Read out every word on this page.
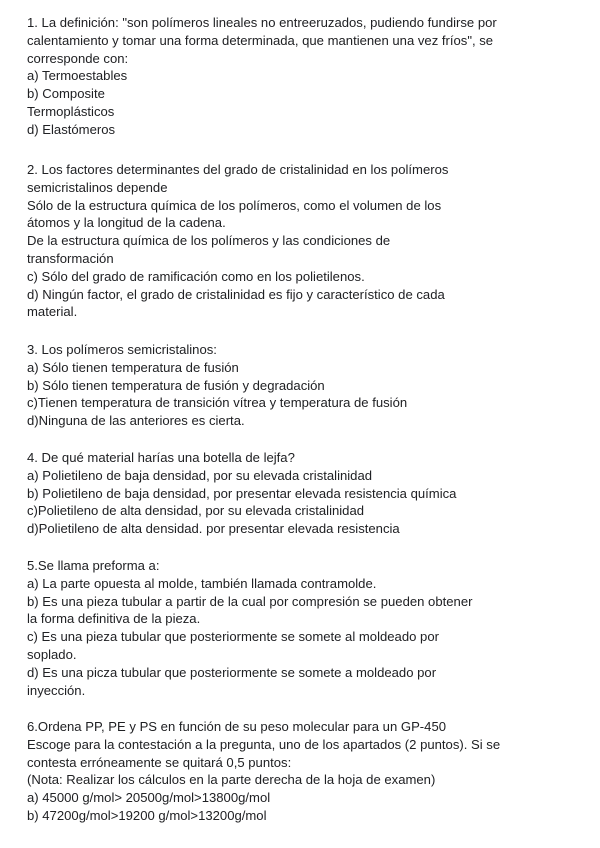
1. La definición: "son polímeros lineales no entreeruzados, pudiendo fundirse por
calentamiento y tomar una forma determinada, que mantienen una vez fríos", se
corresponde con:
a) Termoestables
b) Composite
Termoplásticos
d) Elastómeros
2. Los factores determinantes del grado de cristalinidad en los polímeros
semicristalinos depende
Sólo de la estructura química de los polímeros, como el volumen de los
átomos y la longitud de la cadena.
De la estructura química de los polímeros y las condiciones de
transformación
c) Sólo del grado de ramificación como en los polietilenos.
d) Ningún factor, el grado de cristalinidad es fijo y característico de cada
material.
3. Los polímeros semicristalinos:
a) Sólo tienen temperatura de fusión
b) Sólo tienen temperatura de fusión y degradación
c)Tienen temperatura de transición vítrea y temperatura de fusión
d)Ninguna de las anteriores es cierta.
4. De qué material harías una botella de lejfa?
a) Polietileno de baja densidad, por su elevada cristalinidad
b) Polietileno de baja densidad, por presentar elevada resistencia química
c)Polietileno de alta densidad, por su elevada cristalinidad
d)Polietileno de alta densidad. por presentar elevada resistencia
5.Se llama preforma a:
a) La parte opuesta al molde, también llamada contramolde.
b) Es una pieza tubular a partir de la cual por compresión se pueden obtener
la forma definitiva de la pieza.
c) Es una pieza tubular que posteriormente se somete al moldeado por
soplado.
d) Es una picza tubular que posteriormente se somete a moldeado por
inyección.
6.Ordena PP, PE y PS en función de su peso molecular para un GP-450
Escoge para la contestación a la pregunta, uno de los apartados (2 puntos). Si se
contesta erróneamente se quitará 0,5 puntos:
(Nota: Realizar los cálculos en la parte derecha de la hoja de examen)
a) 45000 g/mol> 20500g/mol>13800g/mol
b) 47200g/mol>19200 g/mol>13200g/mol
